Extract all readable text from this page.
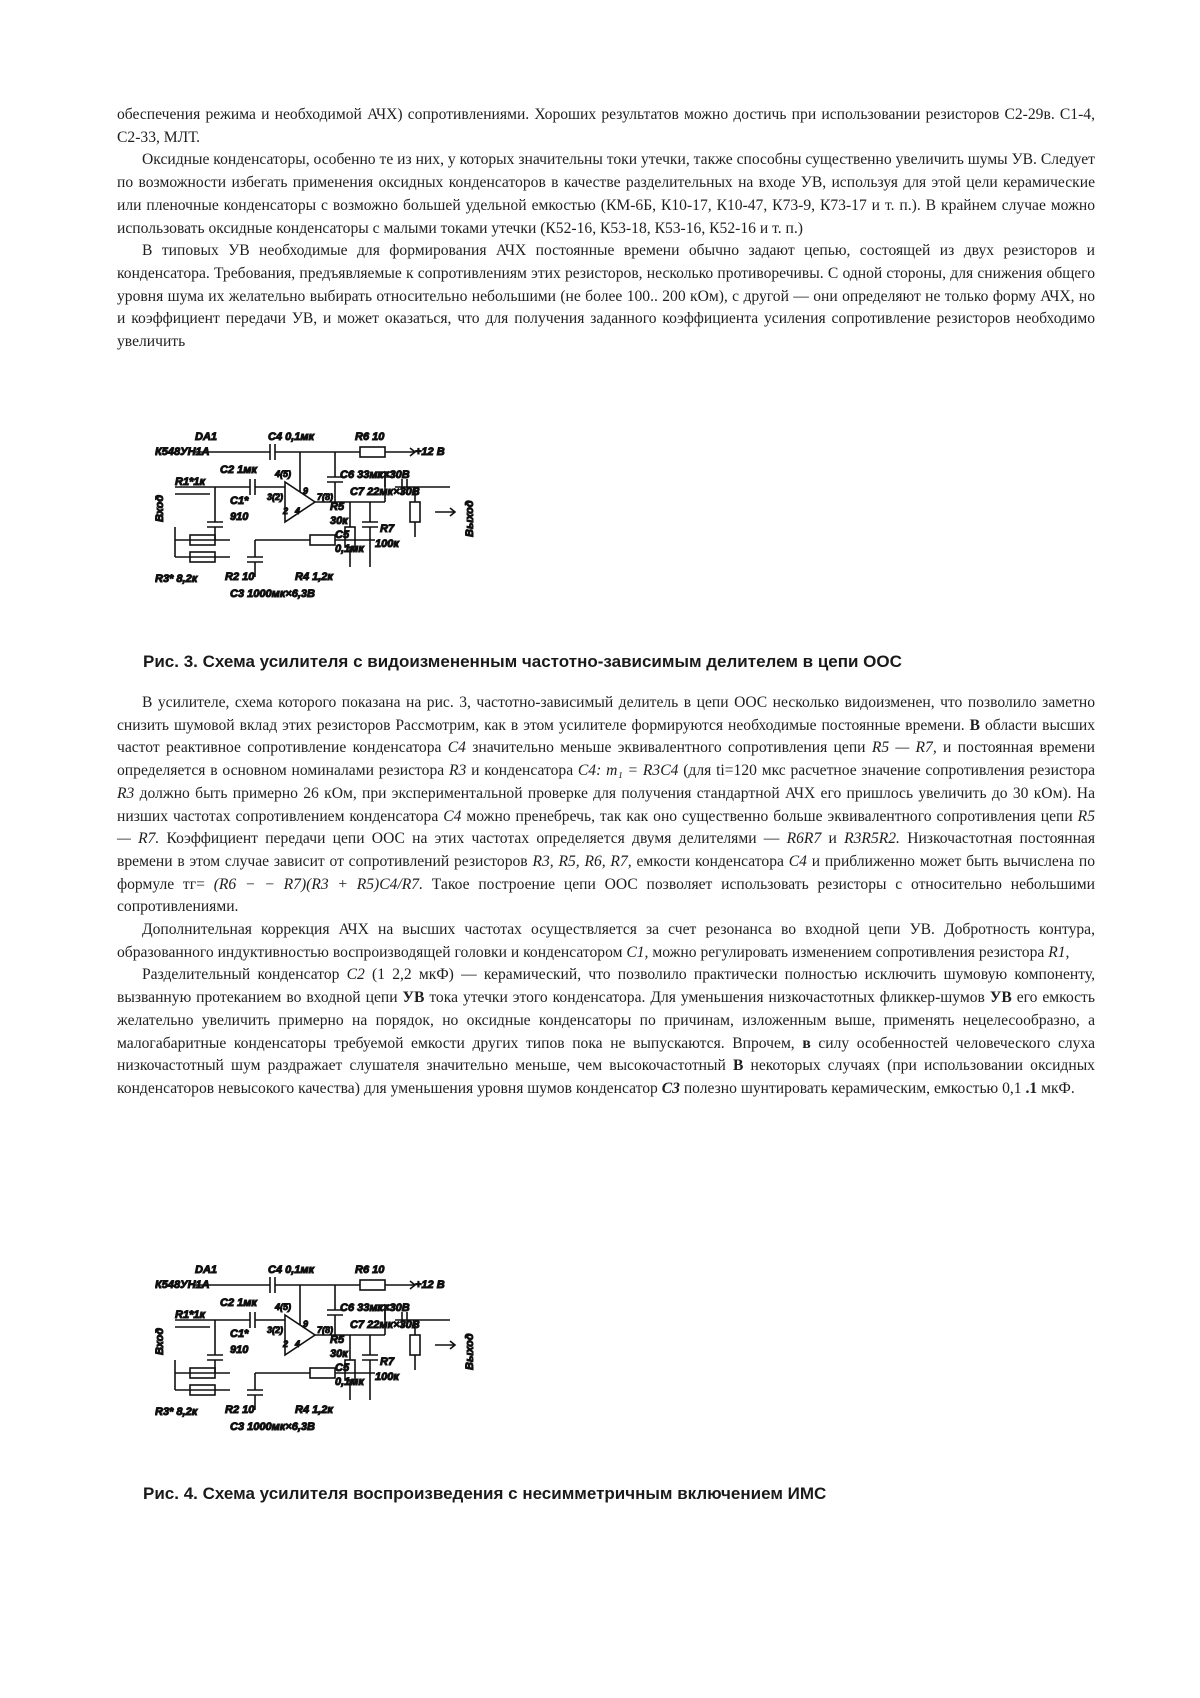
обеспечения режима и необходимой АЧХ) сопротивлениями. Хороших результатов можно достичь при использовании резисторов С2-29в. С1-4, С2-33, МЛТ.

Оксидные конденсаторы, особенно те из них, у которых значительны токи утечки, также способны существенно увеличить шумы УВ. Следует по возможности избегать применения оксидных конденсаторов в качестве разделительных на входе УВ, используя для этой цели керамические или пленочные конденсаторы с возможно большей удельной емкостью (КМ-6Б, К10-17, К10-47, К73-9, К73-17 и т. п.). В крайнем случае можно использовать оксидные конденсаторы с малыми токами утечки (К52-16, К53-18, К53-16, К52-16 и т. п.)

В типовых УВ необходимые для формирования АЧХ постоянные времени обычно задают цепью, состоящей из двух резисторов и конденсатора. Требования, предъявляемые к сопротивлениям этих резисторов, несколько противоречивы. С одной стороны, для снижения общего уровня шума их желательно выбирать относительно небольшими (не более 100.. 200 кОм), с другой — они определяют не только форму АЧХ, но и коэффициент передачи УВ, и может оказаться, что для получения заданного коэффициента усиления сопротивление резисторов необходимо увеличить

DA1
К548УН1А
С4 0,1мк	R6 10
+12 В
С2 1мк	С6 33мк×30В
С7 22мк×30В
4(5)
3(2)
9
7(8)
2 4
R1*1к
С1*
910
R5
30к
С5
0,1мк
R7
100к
R3* 8,2к	R2 10	R4 1,2к
С3 1000мк×6,3В
Вход	Выход
Рис. 3. Схема усилителя с видоизмененным частотно-зависимым делителем в цепи ООС

В усилителе, схема которого показана на рис. 3, частотно-зависимый делитель в цепи ООС несколько видоизменен, что позволило заметно снизить шумовой вклад этих резисторов Рассмотрим, как в этом усилителе формируются необходимые постоянные времени. В области высших частот реактивное сопротивление конденсатора С4 значительно меньше эквивалентного сопротивления цепи R5 — R7, и постоянная времени определяется в основном номиналами резистора R3 и конденсатора С4: т₁ = R3С4 (для ti=120 мкс расчетное значение сопротивления резистора R3 должно быть примерно 26 кОм, при экспериментальной проверке для получения стандартной АЧХ его пришлось увеличить до 30 кОм). На низших частотах сопротивлением конденсатора С4 можно пренебречь, так как оно существенно больше эквивалентного сопротивления цепи R5 — R7. Коэффициент передачи цепи ООС на этих частотах определяется двумя делителями — R6R7 и R3R5R2. Низкочастотная постоянная времени в этом случае зависит от сопротивлений резисторов R3, R5, R6, R7, емкости конденсатора С4 и приближенно может быть вычислена по формуле тг= (R6 − − R7)(R3 + R5)С4/R7. Такое построение цепи ООС позволяет использовать резисторы с относительно небольшими сопротивлениями.

Дополнительная коррекция АЧХ на высших частотах осуществляется за счет резонанса во входной цепи УВ. Добротность контура, образованного индуктивностью воспроизводящей головки и конденсатором С1, можно регулировать изменением сопротивления резистора R1,

Разделительный конденсатор С2 (1 2,2 мкФ) — керамический, что позволило практически полностью исключить шумовую компоненту, вызванную протеканием во входной цепи УВ тока утечки этого конденсатора. Для уменьшения низкочастотных фликкер-шумов УВ его емкость желательно увеличить примерно на порядок, но оксидные конденсаторы по причинам, изложенным выше, применять нецелесообразно, а малогабаритные конденсаторы требуемой емкости других типов пока не выпускаются. Впрочем, в силу особенностей человеческого слуха низкочастотный шум раздражает слушателя значительно меньше, чем высокочастотный В некоторых случаях (при использовании оксидных конденсаторов невысокого качества) для уменьшения уровня шумов конденсатор С3 полезно шунтировать керамическим, емкостью 0,1 .1 мкФ.

DA1
К548УН1А
С4 0,1мк	R6 10
+12 В
С2 1мк	С6 33мк×30В
С7 22мк×30В
4(5)
3(2)
9
7(8)
2 4
R1*1к
С1*
910
R5
30к
С5
0,1мк
R7
100к
R3* 8,2к	R2 10	R4 1,2к
С3 1000мк×6,3В
Вход	Выход
Рис. 4. Схема усилителя воспроизведения с несимметричным включением ИМС
